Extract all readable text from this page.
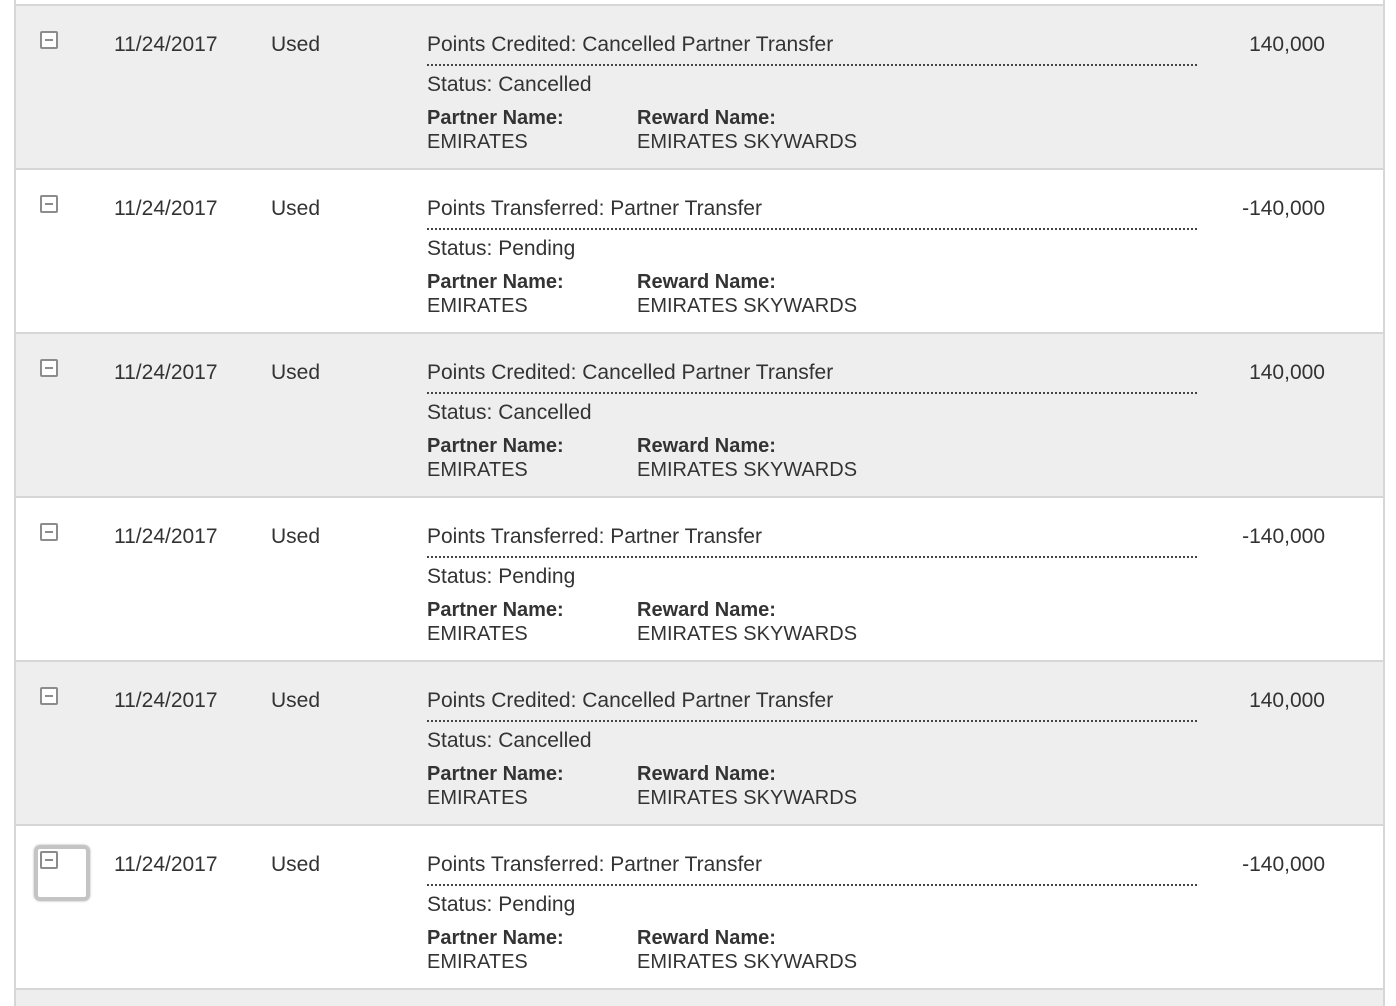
11/24/2017	Used	Points Credited: Cancelled Partner Transfer
Status: Cancelled
Partner Name:
EMIRATES
Reward Name:
EMIRATES SKYWARDS
140,000
11/24/2017	Used	Points Transferred: Partner Transfer
Status: Pending
Partner Name:
EMIRATES
Reward Name:
EMIRATES SKYWARDS
-140,000
11/24/2017	Used	Points Credited: Cancelled Partner Transfer
Status: Cancelled
Partner Name:
EMIRATES
Reward Name:
EMIRATES SKYWARDS
140,000
11/24/2017	Used	Points Transferred: Partner Transfer
Status: Pending
Partner Name:
EMIRATES
Reward Name:
EMIRATES SKYWARDS
-140,000
11/24/2017	Used	Points Credited: Cancelled Partner Transfer
Status: Cancelled
Partner Name:
EMIRATES
Reward Name:
EMIRATES SKYWARDS
140,000
11/24/2017	Used	Points Transferred: Partner Transfer
Status: Pending
Partner Name:
EMIRATES
Reward Name:
EMIRATES SKYWARDS
-140,000
